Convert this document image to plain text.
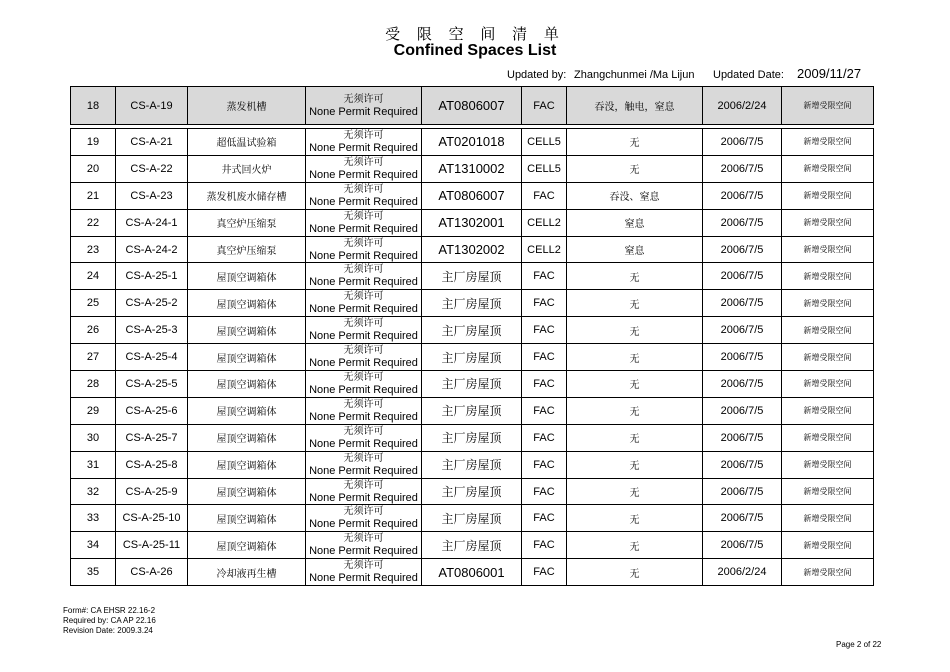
受 限 空 间 清 单
Confined Spaces List
Updated by: Zhangchunmei /Ma Lijun Updated Date: 2009/11/27
18	CS-A-19	蒸发机槽	无须许可
None Permit Required	AT0806007	FAC	吞没，触电，窒息	2006/2/24	新增受限空间

19	CS-A-21	超低温试验箱	无须许可
None Permit Required	AT0201018	CELL5	无	2006/7/5	新增受限空间
20	CS-A-22	井式回火炉	无须许可
None Permit Required	AT1310002	CELL5	无	2006/7/5	新增受限空间
21	CS-A-23	蒸发机废水储存槽	无须许可
None Permit Required	AT0806007	FAC	吞没、窒息	2006/7/5	新增受限空间
22	CS-A-24-1	真空炉压缩泵	无须许可
None Permit Required	AT1302001	CELL2	窒息	2006/7/5	新增受限空间
23	CS-A-24-2	真空炉压缩泵	无须许可
None Permit Required	AT1302002	CELL2	窒息	2006/7/5	新增受限空间
24	CS-A-25-1	屋顶空调箱体	无须许可
None Permit Required	主厂房屋顶	FAC	无	2006/7/5	新增受限空间
25	CS-A-25-2	屋顶空调箱体	无须许可
None Permit Required	主厂房屋顶	FAC	无	2006/7/5	新增受限空间
26	CS-A-25-3	屋顶空调箱体	无须许可
None Permit Required	主厂房屋顶	FAC	无	2006/7/5	新增受限空间
27	CS-A-25-4	屋顶空调箱体	无须许可
None Permit Required	主厂房屋顶	FAC	无	2006/7/5	新增受限空间
28	CS-A-25-5	屋顶空调箱体	无须许可
None Permit Required	主厂房屋顶	FAC	无	2006/7/5	新增受限空间
29	CS-A-25-6	屋顶空调箱体	无须许可
None Permit Required	主厂房屋顶	FAC	无	2006/7/5	新增受限空间
30	CS-A-25-7	屋顶空调箱体	无须许可
None Permit Required	主厂房屋顶	FAC	无	2006/7/5	新增受限空间
31	CS-A-25-8	屋顶空调箱体	无须许可
None Permit Required	主厂房屋顶	FAC	无	2006/7/5	新增受限空间
32	CS-A-25-9	屋顶空调箱体	无须许可
None Permit Required	主厂房屋顶	FAC	无	2006/7/5	新增受限空间
33	CS-A-25-10	屋顶空调箱体	无须许可
None Permit Required	主厂房屋顶	FAC	无	2006/7/5	新增受限空间
34	CS-A-25-11	屋顶空调箱体	无须许可
None Permit Required	主厂房屋顶	FAC	无	2006/7/5	新增受限空间
35	CS-A-26	冷却液再生槽	无须许可
None Permit Required	AT0806001	FAC	无	2006/2/24	新增受限空间
Form#: CA EHSR 22.16-2
Required by: CA AP 22.16
Revision Date: 2009.3.24
Page 2 of 22
